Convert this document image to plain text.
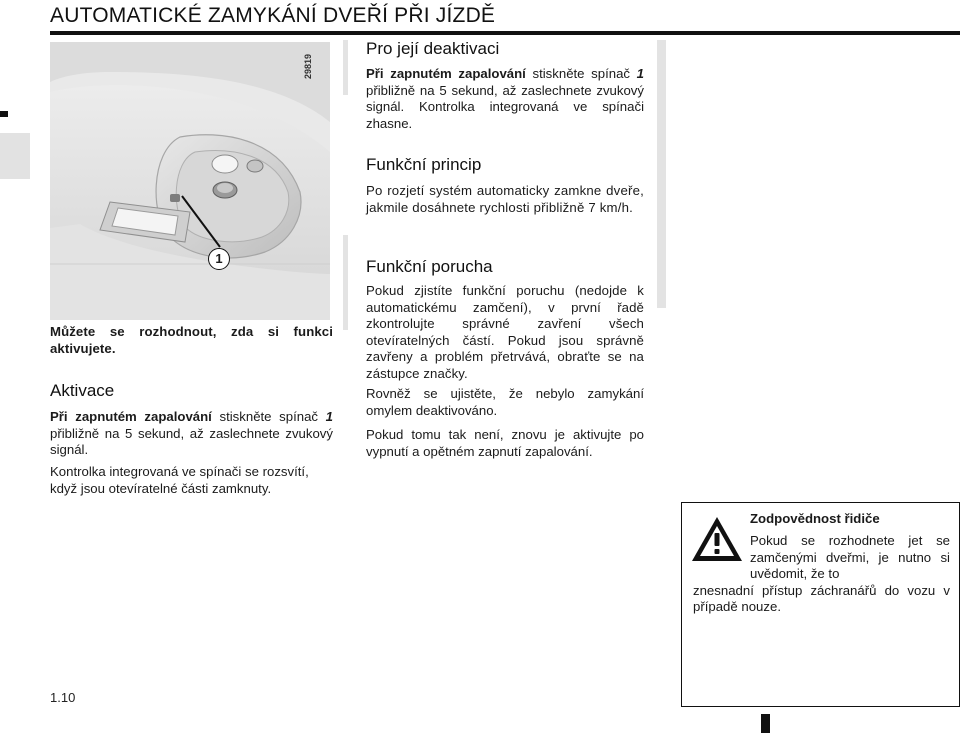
AUTOMATICKÉ ZAMYKÁNÍ DVEŘÍ PŘI JÍZDĚ
1
29819
Můžete se rozhodnout, zda si funkci aktivujete.
Aktivace
Při zapnutém zapalování stiskněte spínač 1 přibližně na 5 sekund, až zaslechnete zvukový signál.
Kontrolka integrovaná ve spínači se rozsvítí, když jsou otevíratelné části zamknuty.
Pro její deaktivaci
Při zapnutém zapalování stiskněte spínač 1 přibližně na 5 sekund, až zaslechnete zvukový signál. Kontrolka integrovaná ve spínači zhasne.
Funkční princip
Po rozjetí systém automaticky zamkne dveře, jakmile dosáhnete rychlosti přibližně 7 km/h.
Funkční porucha
Pokud zjistíte funkční poruchu (nedojde k automatickému zamčení), v první řadě zkontrolujte správné zavření všech otevíratelných částí. Pokud jsou správně zavřeny a problém přetrvává, obraťte se na zástupce značky.
Rovněž se ujistěte, že nebylo zamykání omylem deaktivováno.
Pokud tomu tak není, znovu je aktivujte po vypnutí a opětném zapnutí zapalování.
Zodpovědnost řidiče
Pokud se rozhodnete jet se zamčenými dveřmi, je nutno si uvědomit, že to
znesnadní přístup záchranářů do vozu v případě nouze.
1.10
